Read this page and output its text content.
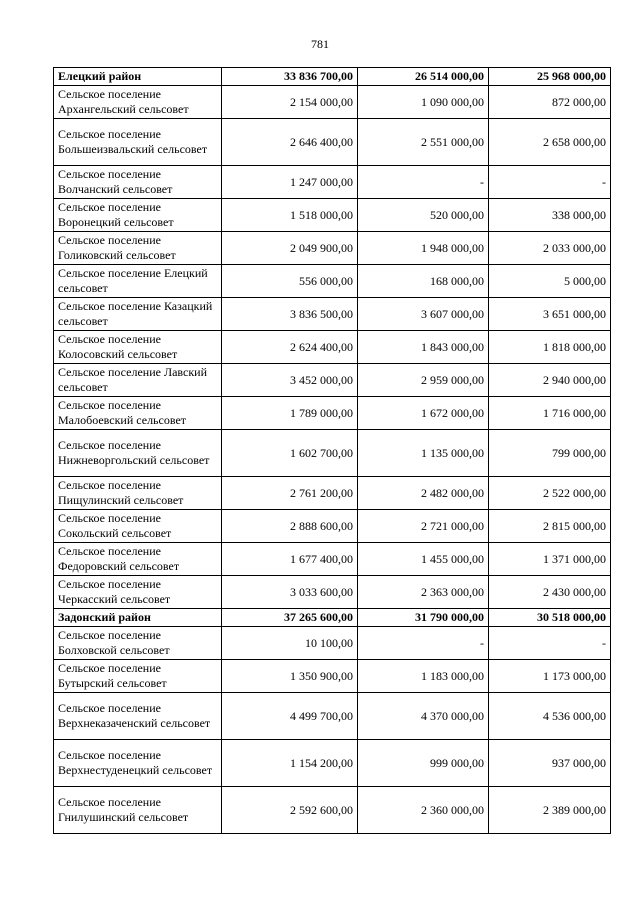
781
Елецкий район	33 836 700,00	26 514 000,00	25 968 000,00
Сельское поселение Архангельский сельсовет	2 154 000,00	1 090 000,00	872 000,00
Сельское поселение Большеизвальский сельсовет	2 646 400,00	2 551 000,00	2 658 000,00
Сельское поселение Волчанский сельсовет	1 247 000,00	-	-
Сельское поселение Воронецкий сельсовет	1 518 000,00	520 000,00	338 000,00
Сельское поселение Голиковский сельсовет	2 049 900,00	1 948 000,00	2 033 000,00
Сельское поселение Елецкий сельсовет	556 000,00	168 000,00	5 000,00
Сельское поселение Казацкий сельсовет	3 836 500,00	3 607 000,00	3 651 000,00
Сельское поселение Колосовский сельсовет	2 624 400,00	1 843 000,00	1 818 000,00
Сельское поселение Лавский сельсовет	3 452 000,00	2 959 000,00	2 940 000,00
Сельское поселение Малобоевский сельсовет	1 789 000,00	1 672 000,00	1 716 000,00
Сельское поселение Нижневоргольский сельсовет	1 602 700,00	1 135 000,00	799 000,00
Сельское поселение Пищулинский сельсовет	2 761 200,00	2 482 000,00	2 522 000,00
Сельское поселение Сокольский сельсовет	2 888 600,00	2 721 000,00	2 815 000,00
Сельское поселение Федоровский сельсовет	1 677 400,00	1 455 000,00	1 371 000,00
Сельское поселение Черкасский сельсовет	3 033 600,00	2 363 000,00	2 430 000,00
Задонский район	37 265 600,00	31 790 000,00	30 518 000,00
Сельское поселение Болховской сельсовет	10 100,00	-	-
Сельское поселение Бутырский сельсовет	1 350 900,00	1 183 000,00	1 173 000,00
Сельское поселение Верхнеказаченский сельсовет	4 499 700,00	4 370 000,00	4 536 000,00
Сельское поселение Верхнестуденецкий сельсовет	1 154 200,00	999 000,00	937 000,00
Сельское поселение Гнилушинский сельсовет	2 592 600,00	2 360 000,00	2 389 000,00
